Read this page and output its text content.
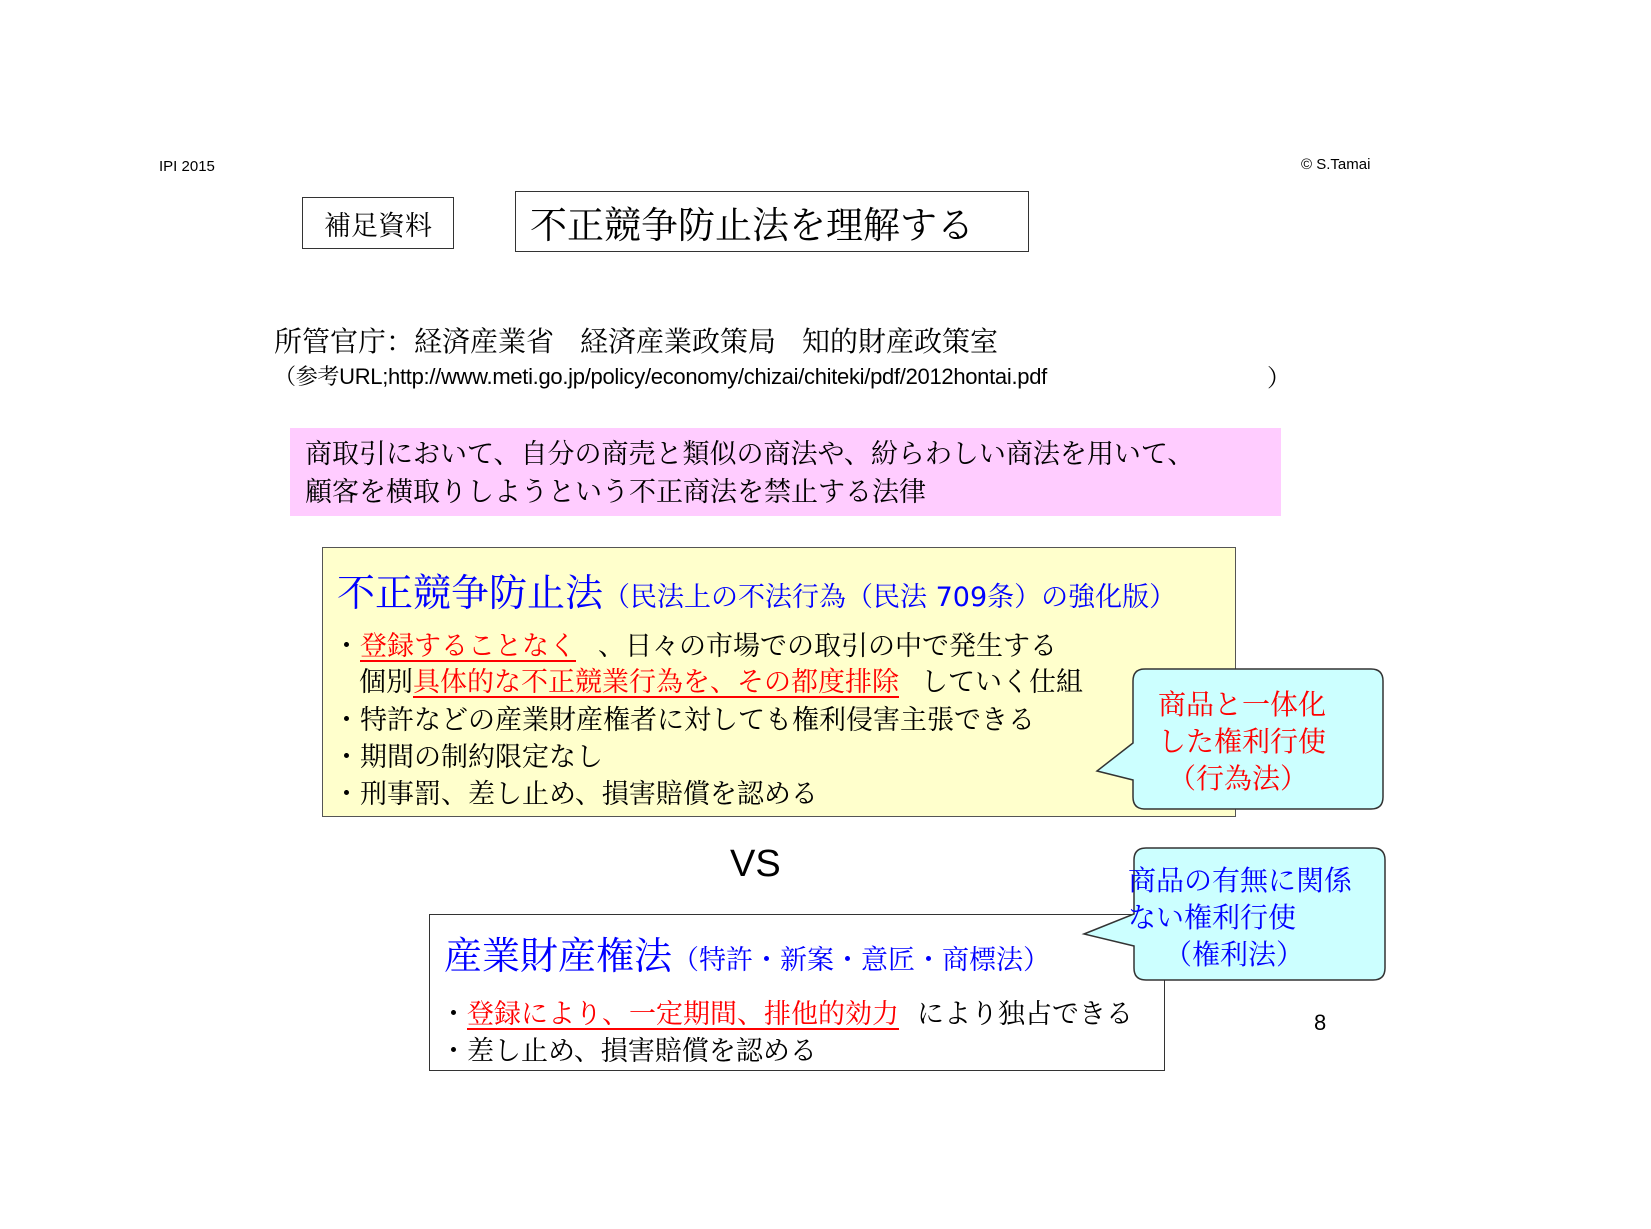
IPI 2015	© S.Tamai
補足資料	不正競争防止法を理解する
所管官庁：経済産業省 経済産業政策局 知的財産政策室
（参考URL;http://www.meti.go.jp/policy/economy/chizai/chiteki/pdf/2012hontai.pdf	）
商取引において、自分の商売と類似の商法や、紛らわしい商法を用いて、
顧客を横取りしようという不正商法を禁止する法律
不正競争防止法（民法上の不法行為（民法 709条）の強化版）
・登録することなく 、日々の市場での取引の中で発生する
個別具体的な不正競業行為を、その都度排除 していく仕組
・特許などの産業財産権者に対しても権利侵害主張できる
・期間の制約限定なし
・刑事罰、差し止め、損害賠償を認める
商品と一体化
した権利行使
（行為法）
VS
産業財産権法（特許・新案・意匠・商標法）
・登録により、一定期間、排他的効力 により独占できる
・差し止め、損害賠償を認める
商品の有無に関係
ない権利行使
（権利法）
8
